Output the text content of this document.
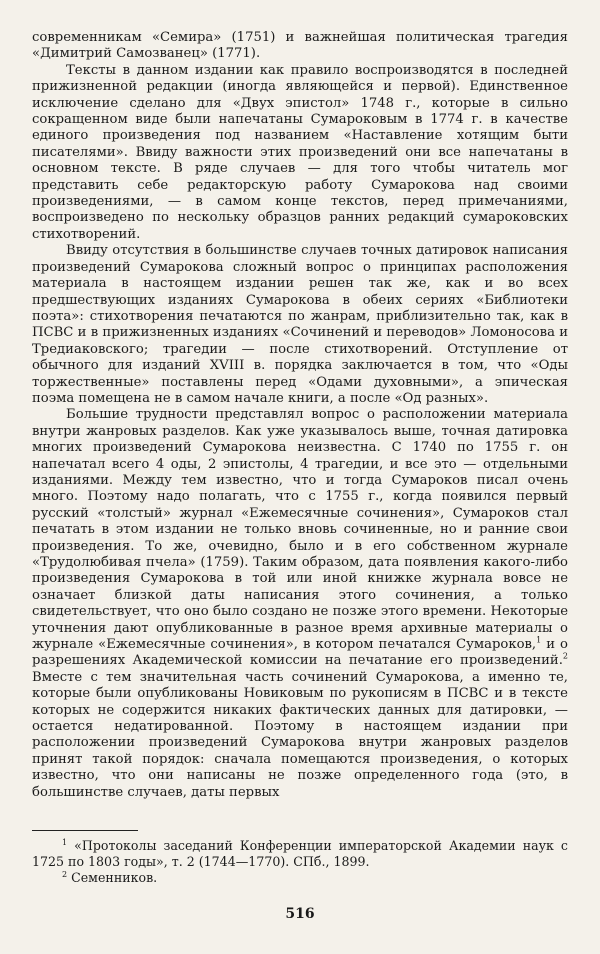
современникам «Семира» (1751) и важнейшая политическая трагедия «Димитрий Самозванец» (1771).

Тексты в данном издании как правило воспроизводятся в последней прижизненной редакции (иногда являющейся и первой). Единственное исключение сделано для «Двух эпистол» 1748 г., которые в сильно сокращенном виде были напечатаны Сумароковым в 1774 г. в качестве единого произведения под названием «Наставление хотящим быти писателями». Ввиду важности этих произведений они все напечатаны в основном тексте. В ряде случаев — для того чтобы читатель мог представить себе редакторскую работу Сумарокова над своими произведениями, — в самом конце текстов, перед примечаниями, воспроизведено по нескольку образцов ранних редакций сумароковских стихотворений.

Ввиду отсутствия в большинстве случаев точных датировок написания произведений Сумарокова сложный вопрос о принципах расположения материала в настоящем издании решен так же, как и во всех предшествующих изданиях Сумарокова в обеих сериях «Библиотеки поэта»: стихотворения печатаются по жанрам, приблизительно так, как в ПСВС и в прижизненных изданиях «Сочинений и переводов» Ломоносова и Тредиаковского; трагедии — после стихотворений. Отступление от обычного для изданий XVIII в. порядка заключается в том, что «Оды торжественные» поставлены перед «Одами духовными», а эпическая поэма помещена не в самом начале книги, а после «Од разных».

Большие трудности представлял вопрос о расположении материала внутри жанровых разделов. Как уже указывалось выше, точная датировка многих произведений Сумарокова неизвестна. С 1740 по 1755 г. он напечатал всего 4 оды, 2 эпистолы, 4 трагедии, и все это — отдельными изданиями. Между тем известно, что и тогда Сумароков писал очень много. Поэтому надо полагать, что с 1755 г., когда появился первый русский «толстый» журнал «Ежемесячные сочинения», Сумароков стал печатать в этом издании не только вновь сочиненные, но и ранние свои произведения. То же, очевидно, было и в его собственном журнале «Трудолюбивая пчела» (1759). Таким образом, дата появления какого-либо произведения Сумарокова в той или иной книжке журнала вовсе не означает близкой даты написания этого сочинения, а только свидетельствует, что оно было создано не позже этого времени. Некоторые уточнения дают опубликованные в разное время архивные материалы о журнале «Ежемесячные сочинения», в котором печатался Сумароков,$^1$ и о разрешениях Академической комиссии на печатание его произведений.$^2$ Вместе с тем значительная часть сочинений Сумарокова, а именно те, которые были опубликованы Новиковым по рукописям в ПСВС и в тексте которых не содержится никаких фактических данных для датировки, — остается недатированной. Поэтому в настоящем издании при расположении произведений Сумарокова внутри жанровых разделов принят такой порядок: сначала помещаются произведения, о которых известно, что они написаны не позже определенного года (это, в большинстве случаев, даты первых

$^1$ «Протоколы заседаний Конференции императорской Академии наук с 1725 по 1803 годы», т. 2 (1744—1770). СПб., 1899.

$^2$ Семенников.

516
